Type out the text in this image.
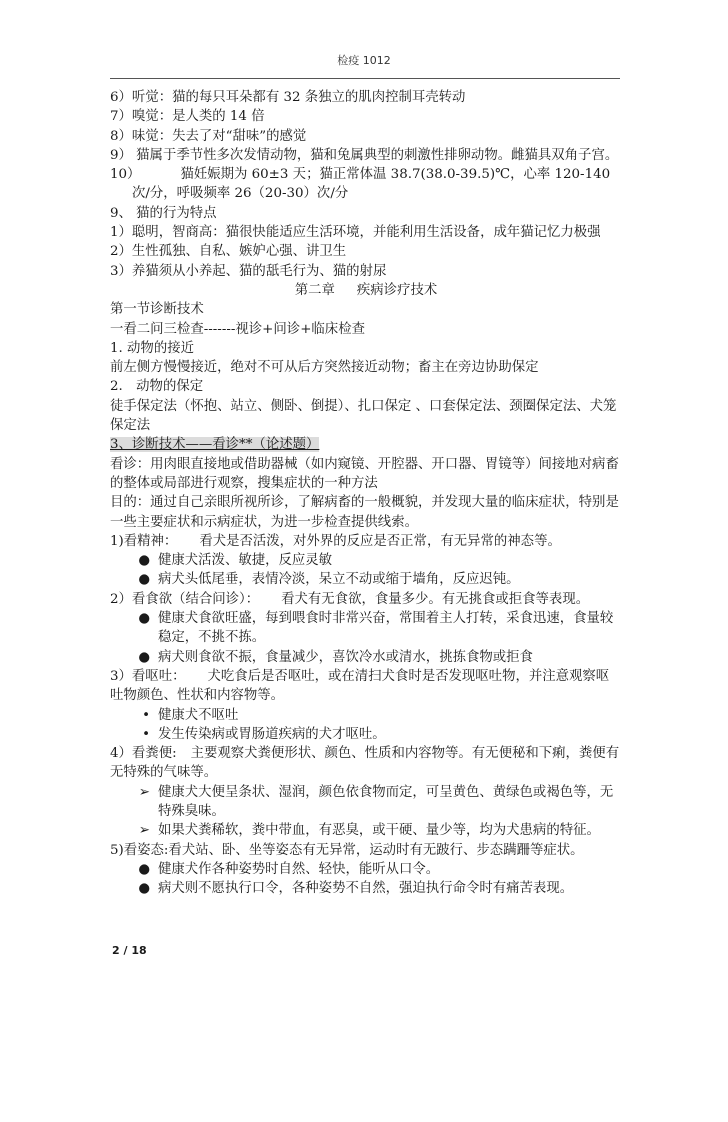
检疫 1012

6）听觉：猫的每只耳朵都有 32 条独立的肌肉控制耳壳转动

7）嗅觉：是人类的 14 倍

8）味觉：失去了对“甜味”的感觉

9） 猫属于季节性多次发情动物，猫和兔属典型的刺激性排卵动物。雌猫具双角子宫。

10）	猫妊娠期为 60±3 天；猫正常体温 38.7(38.0-39.5)℃，心率 120-140 次/分，呼吸频率 26（20-30）次/分

9、 猫的行为特点

1）聪明，智商高：猫很快能适应生活环境，并能利用生活设备，成年猫记忆力极强

2）生性孤独、自私、嫉妒心强、讲卫生

3）养猫须从小养起、猫的舐毛行为、猫的射尿

第二章 疾病诊疗技术

第一节诊断技术

一看二问三检查-------视诊+问诊+临床检查

1. 动物的接近

前左侧方慢慢接近，绝对不可从后方突然接近动物；畜主在旁边协助保定

2.　动物的保定

徒手保定法（怀抱、站立、侧卧、倒提）、扎口保定 、口套保定法、颈圈保定法、犬笼保定法

3、诊断技术——看诊**（论述题）

看诊：用肉眼直接地或借助器械（如内窥镜、开腔器、开口器、胃镜等）间接地对病畜的整体或局部进行观察，搜集症状的一种方法

目的：通过自己亲眼所视所诊，了解病畜的一般概貌，并发现大量的临床症状，特别是一些主要症状和示病症状，为进一步检查提供线索。

1)看精神： 看犬是否活泼，对外界的反应是否正常，有无异常的神态等。

● 健康犬活泼、敏捷，反应灵敏
● 病犬头低尾垂，表情冷淡，呆立不动或缩于墙角，反应迟钝。

2）看食欲（结合问诊）： 看犬有无食欲，食量多少。有无挑食或拒食等表现。

● 健康犬食欲旺盛，每到喂食时非常兴奋，常围着主人打转，采食迅速，食量较稳定，不挑不拣。
● 病犬则食欲不振，食量减少，喜饮冷水或清水，挑拣食物或拒食

3）看呕吐： 犬吃食后是否呕吐，或在清扫犬食时是否发现呕吐物，并注意观察呕吐物颜色、性状和内容物等。

• 健康犬不呕吐
• 发生传染病或胃肠道疾病的犬才呕吐。

4）看粪便: 主要观察犬粪便形状、颜色、性质和内容物等。有无便秘和下痢，粪便有无特殊的气味等。

➢ 健康犬大便呈条状、湿润，颜色依食物而定，可呈黄色、黄绿色或褐色等，无特殊臭味。
➢ 如果犬粪稀软，粪中带血，有恶臭，或干硬、量少等，均为犬患病的特征。

5)看姿态:看犬站、卧、坐等姿态有无异常，运动时有无跛行、步态蹒跚等症状。

● 健康犬作各种姿势时自然、轻快，能听从口令。
● 病犬则不愿执行口令，各种姿势不自然，强迫执行命令时有痛苦表现。
2 / 18
